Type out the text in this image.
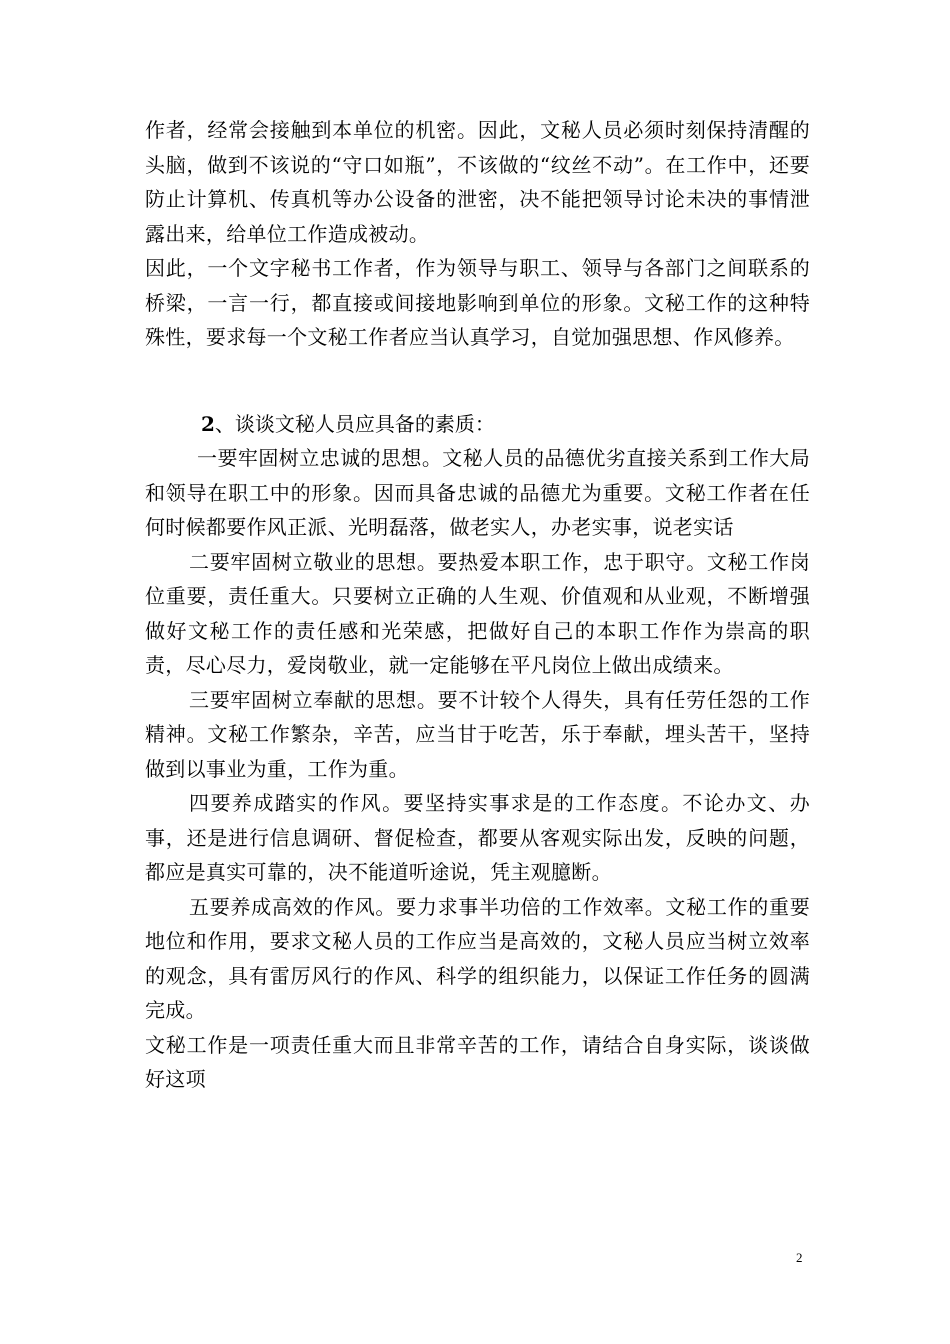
作者，经常会接触到本单位的机密。因此，文秘人员必须时刻保持清醒的头脑，做到不该说的“守口如瓶”，不该做的“纹丝不动”。在工作中，还要防止计算机、传真机等办公设备的泄密，决不能把领导讨论未决的事情泄露出来，给单位工作造成被动。

因此，一个文字秘书工作者，作为领导与职工、领导与各部门之间联系的桥梁，一言一行，都直接或间接地影响到单位的形象。文秘工作的这种特殊性，要求每一个文秘工作者应当认真学习，自觉加强思想、作风修养。

2、谈谈文秘人员应具备的素质：

一要牢固树立忠诚的思想。文秘人员的品德优劣直接关系到工作大局和领导在职工中的形象。因而具备忠诚的品德尤为重要。文秘工作者在任何时候都要作风正派、光明磊落，做老实人，办老实事，说老实话

二要牢固树立敬业的思想。要热爱本职工作，忠于职守。文秘工作岗位重要，责任重大。只要树立正确的人生观、价值观和从业观，不断增强做好文秘工作的责任感和光荣感，把做好自己的本职工作作为崇高的职责，尽心尽力，爱岗敬业，就一定能够在平凡岗位上做出成绩来。

三要牢固树立奉献的思想。要不计较个人得失，具有任劳任怨的工作精神。文秘工作繁杂，辛苦，应当甘于吃苦，乐于奉献，埋头苦干，坚持做到以事业为重，工作为重。

四要养成踏实的作风。要坚持实事求是的工作态度。不论办文、办事，还是进行信息调研、督促检查，都要从客观实际出发，反映的问题，都应是真实可靠的，决不能道听途说，凭主观臆断。

五要养成高效的作风。要力求事半功倍的工作效率。文秘工作的重要地位和作用，要求文秘人员的工作应当是高效的，文秘人员应当树立效率的观念，具有雷厉风行的作风、科学的组织能力，以保证工作任务的圆满完成。

文秘工作是一项责任重大而且非常辛苦的工作，请结合自身实际，谈谈做好这项

2
